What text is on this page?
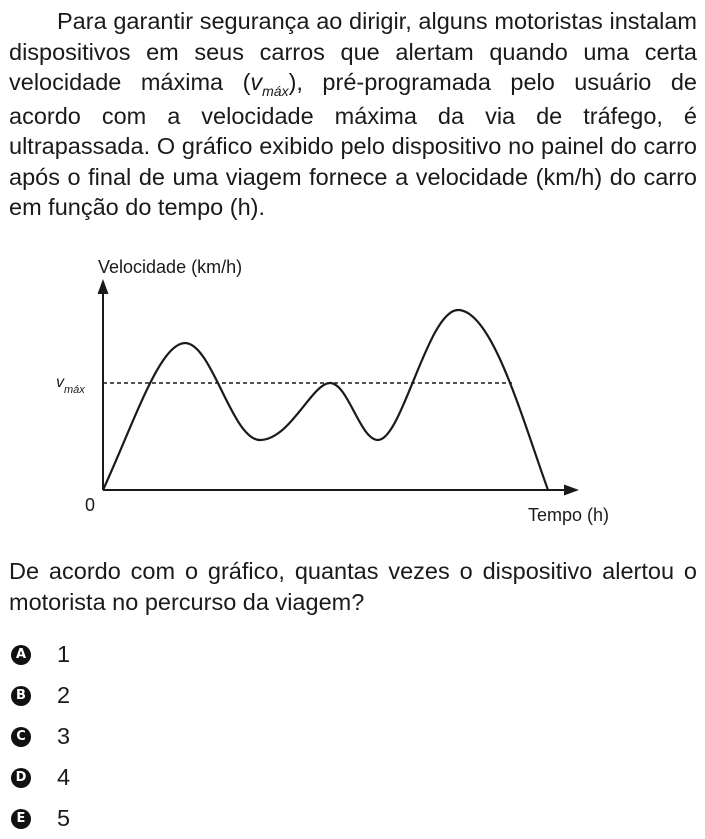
Para garantir segurança ao dirigir, alguns motoristas instalam dispositivos em seus carros que alertam quando uma certa velocidade máxima $(v_{máx})$, pré-programada pelo usuário de acordo com a velocidade máxima da via de tráfego, é ultrapassada. O gráfico exibido pelo dispositivo no painel do carro após o final de uma viagem fornece a velocidade (km/h) do carro em função do tempo (h).

Velocidade (km/h)
Tempo (h)
0
$v_{máx}$

De acordo com o gráfico, quantas vezes o dispositivo alertou o motorista no percurso da viagem?

A 1
B 2
C 3
D 4
E 5
